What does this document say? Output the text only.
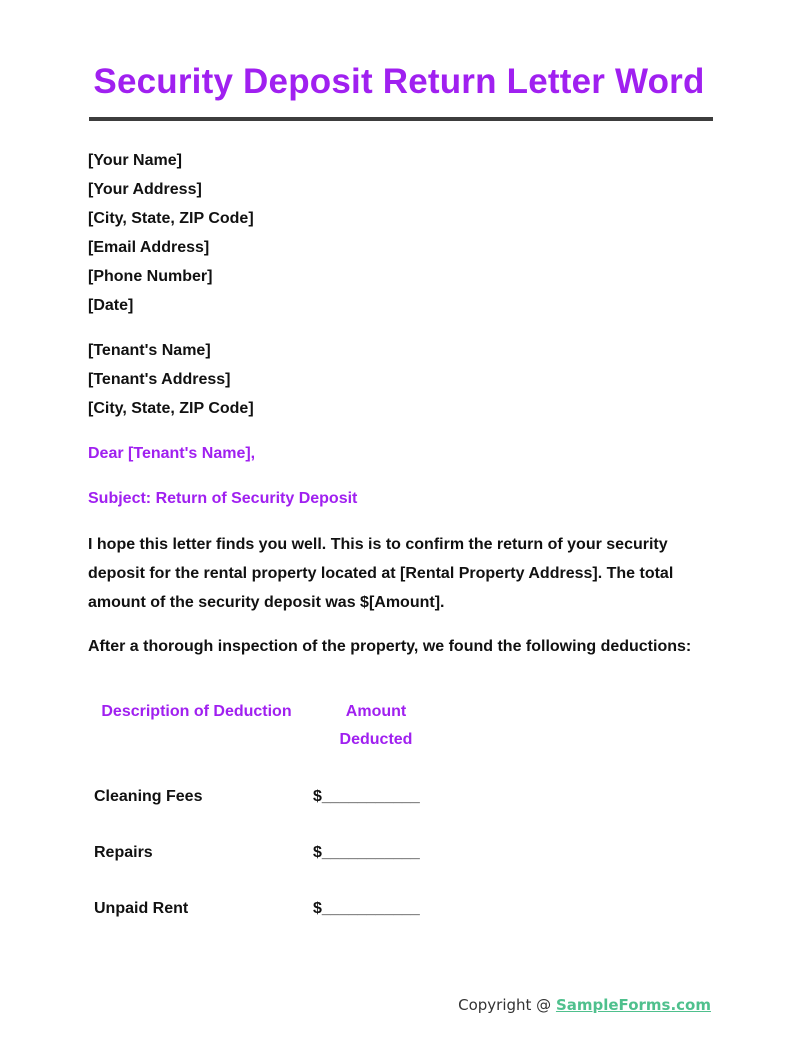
Security Deposit Return Letter Word
[Your Name]
[Your Address]
[City, State, ZIP Code]
[Email Address]
[Phone Number]
[Date]
[Tenant's Name]
[Tenant's Address]
[City, State, ZIP Code]
Dear [Tenant's Name],
Subject: Return of Security Deposit
I hope this letter finds you well. This is to confirm the return of your security deposit for the rental property located at [Rental Property Address]. The total amount of the security deposit was $[Amount].
After a thorough inspection of the property, we found the following deductions:
Description of Deduction	Amount Deducted
Cleaning Fees	$___________
Repairs	$___________
Unpaid Rent	$___________
Copyright @ SampleForms.com
